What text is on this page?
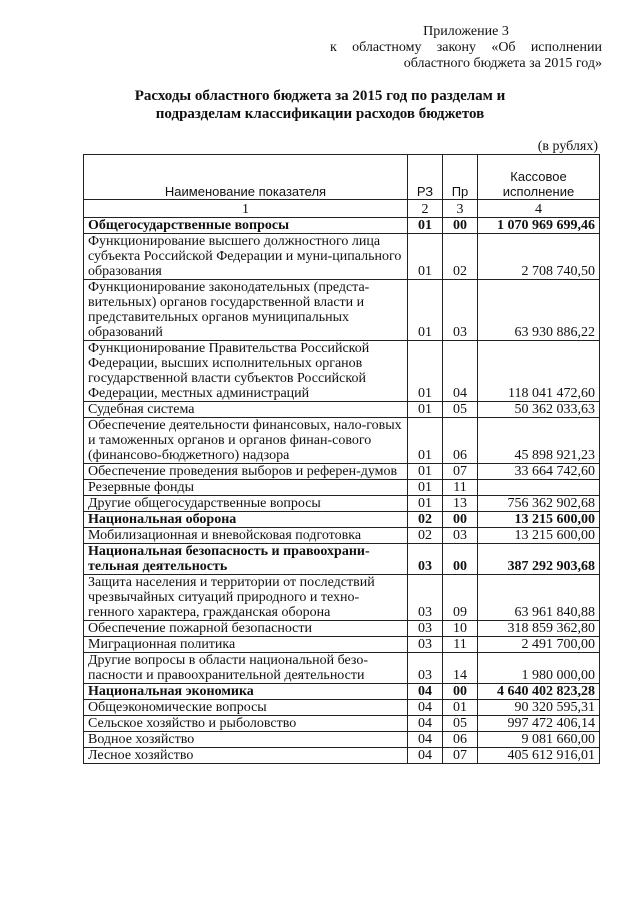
Приложение 3
к областному закону «Об исполнении
областного бюджета за 2015 год»
Расходы областного бюджета за 2015 год по разделам и
подразделам классификации расходов бюджетов
(в рублях)
Наименование показателя	РЗ	Пр	Кассовое исполнение
1	2	3	4
Общегосударственные вопросы	01	00	1 070 969 699,46
Функционирование высшего должностного лица субъекта Российской Федерации и муни-ципального образования	01	02	2 708 740,50
Функционирование законодательных (предста-вительных) органов государственной власти и представительных органов муниципальных образований	01	03	63 930 886,22
Функционирование Правительства Российской Федерации, высших исполнительных органов государственной власти субъектов Российской Федерации, местных администраций	01	04	118 041 472,60
Судебная система	01	05	50 362 033,63
Обеспечение деятельности финансовых, нало-говых и таможенных органов и органов финан-сового (финансово-бюджетного) надзора	01	06	45 898 921,23
Обеспечение проведения выборов и референ-думов	01	07	33 664 742,60
Резервные фонды	01	11	
Другие общегосударственные вопросы	01	13	756 362 902,68
Национальная оборона	02	00	13 215 600,00
Мобилизационная и вневойсковая подготовка	02	03	13 215 600,00
Национальная безопасность и правоохрани-тельная деятельность	03	00	387 292 903,68
Защита населения и территории от последствий чрезвычайных ситуаций природного и техно-генного характера, гражданская оборона	03	09	63 961 840,88
Обеспечение пожарной безопасности	03	10	318 859 362,80
Миграционная политика	03	11	2 491 700,00
Другие вопросы в области национальной безо-пасности и правоохранительной деятельности	03	14	1 980 000,00
Национальная экономика	04	00	4 640 402 823,28
Общеэкономические вопросы	04	01	90 320 595,31
Сельское хозяйство и рыболовство	04	05	997 472 406,14
Водное хозяйство	04	06	9 081 660,00
Лесное хозяйство	04	07	405 612 916,01
